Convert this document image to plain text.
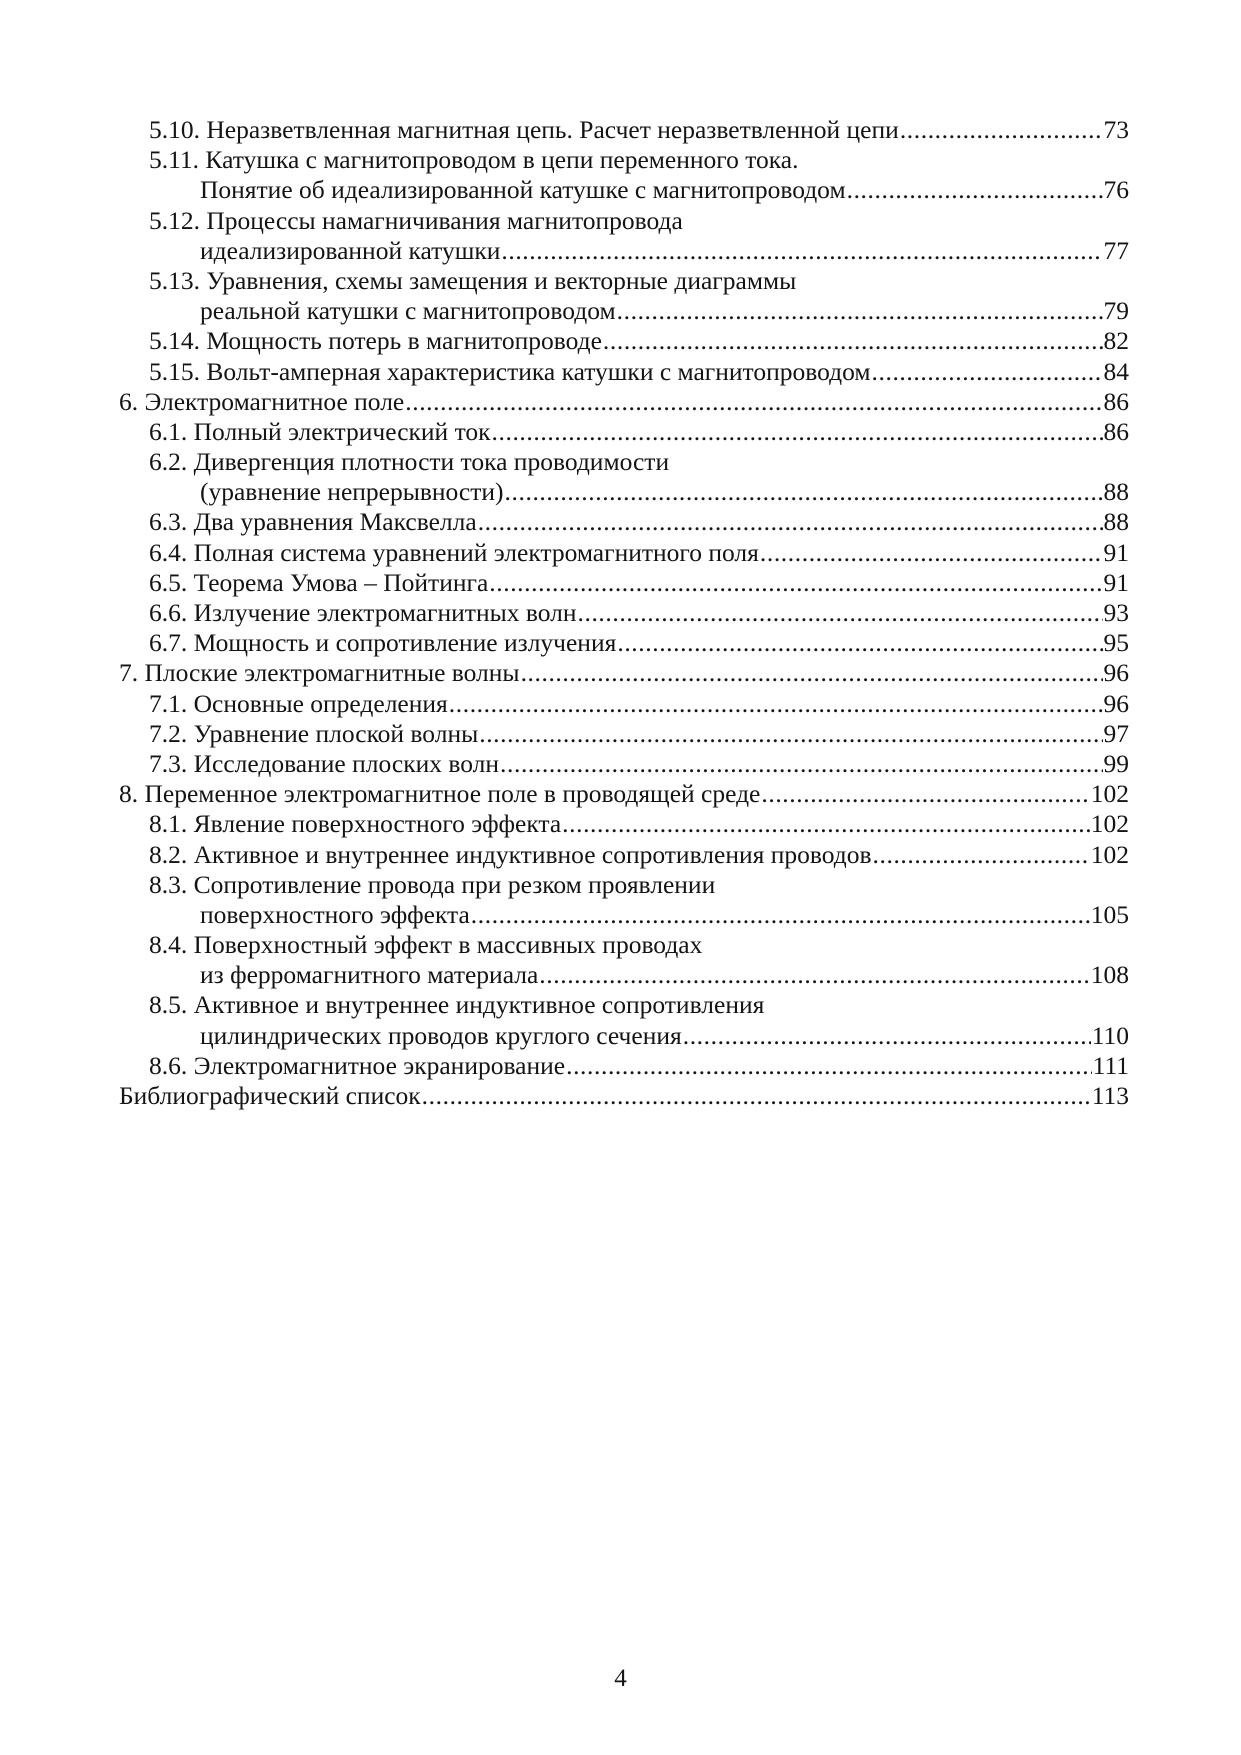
5.10. Неразветвленная магнитная цепь. Расчет неразветвленной цепи .....	73
5.11. Катушка с магнитопроводом в цепи переменного тока.
Понятие об идеализированной катушке с магнитопроводом .....	76
5.12. Процессы намагничивания магнитопровода
идеализированной катушки .....	77
5.13. Уравнения, схемы замещения и векторные диаграммы
реальной катушки с магнитопроводом .....	79
5.14. Мощность потерь в магнитопроводе .....	82
5.15. Вольт-амперная характеристика катушки с магнитопроводом .....	84
6. Электромагнитное поле .....	86
6.1. Полный электрический ток .....	86
6.2. Дивергенция плотности тока проводимости
(уравнение непрерывности) .....	88
6.3. Два уравнения Максвелла .....	88
6.4. Полная система уравнений электромагнитного поля .....	91
6.5. Теорема Умова – Пойтинга .....	91
6.6. Излучение электромагнитных волн .....	93
6.7. Мощность и сопротивление излучения .....	95
7. Плоские электромагнитные волны .....	96
7.1. Основные определения .....	96
7.2. Уравнение плоской волны .....	97
7.3. Исследование плоских волн .....	99
8. Переменное электромагнитное поле в проводящей среде .....	102
8.1. Явление поверхностного эффекта .....	102
8.2. Активное и внутреннее индуктивное сопротивления проводов .....	102
8.3. Сопротивление провода при резком проявлении
поверхностного эффекта .....	105
8.4. Поверхностный эффект в массивных проводах
из ферромагнитного материала .....	108
8.5. Активное и внутреннее индуктивное сопротивления
цилиндрических проводов круглого сечения .....	110
8.6. Электромагнитное экранирование .....	111
Библиографический список .....	113
4
